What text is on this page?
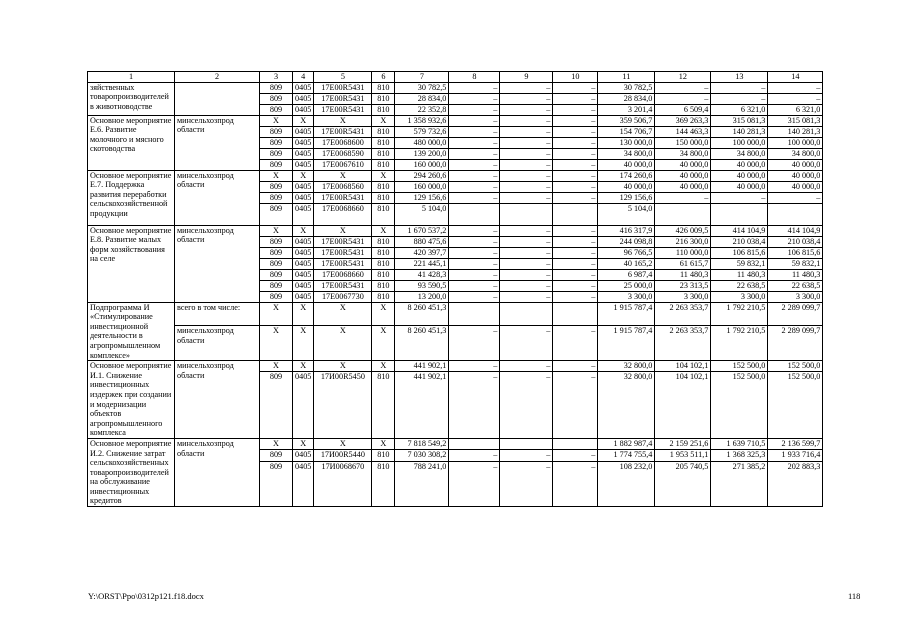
1	2	3	4	5	6	7	8	9	10	11	12	13	14
зяйственных товаропроизводителей в животноводстве		809	0405	17Е00R5431	810	30 782,5	–	–	–	30 782,5	–	–	–
		809	0405	17Е00R5431	810	28 834,0	–	–	–	28 834,0	–	–	–
		809	0405	17Е00R5431	810	22 352,8	–	–	–	3 201,4	6 509,4	6 321,0	6 321,0
Основное мероприятие Е.6. Развитие молочного и мясного скотоводства	минсельхозпрод области	X	X	X	X	1 358 932,6	–	–	–	359 506,7	369 263,3	315 081,3	315 081,3
		809	0405	17Е00R5431	810	579 732,6	–	–	–	154 706,7	144 463,3	140 281,3	140 281,3
		809	0405	17Е0068600	810	480 000,0	–	–	–	130 000,0	150 000,0	100 000,0	100 000,0
		809	0405	17Е0068590	810	139 200,0	–	–	–	34 800,0	34 800,0	34 800,0	34 800,0
		809	0405	17Е0067610	810	160 000,0	–	–	–	40 000,0	40 000,0	40 000,0	40 000,0
Основное мероприятие Е.7. Поддержка развития переработки сельскохозяйственной продукции	минсельхозпрод области	X	X	X	X	294 260,6	–	–	–	174 260,6	40 000,0	40 000,0	40 000,0
		809	0405	17Е0068560	810	160 000,0	–	–	–	40 000,0	40 000,0	40 000,0	40 000,0
		809	0405	17Е00R5431	810	129 156,6	–	–	–	129 156,6	–	–	–
		809	0405	17Е0068660	810	5 104,0				5 104,0			
Основное мероприятие Е.8. Развитие малых форм хозяйствования на селе	минсельхозпрод области	X	X	X	X	1 670 537,2	–	–	–	416 317,9	426 009,5	414 104,9	414 104,9
		809	0405	17Е00R5431	810	880 475,6	–	–	–	244 098,8	216 300,0	210 038,4	210 038,4
		809	0405	17Е00R5431	810	420 397,7	–	–	–	96 766,5	110 000,0	106 815,6	106 815,6
		809	0405	17Е00R5431	810	221 445,1	–	–	–	40 165,2	61 615,7	59 832,1	59 832,1
		809	0405	17Е0068660	810	41 428,3	–	–	–	6 987,4	11 480,3	11 480,3	11 480,3
		809	0405	17Е00R5431	810	93 590,5	–	–	–	25 000,0	23 313,5	22 638,5	22 638,5
		809	0405	17Е0067730	810	13 200,0	–	–	–	3 300,0	3 300,0	3 300,0	3 300,0
Подпрограмма И «Стимулирование инвестиционной деятельности в агропромышленном комплексе»	всего в том числе:	X	X	X	X	8 260 451,3				1 915 787,4	2 263 353,7	1 792 210,5	2 289 099,7
	минсельхозпрод области	X	X	X	X	8 260 451,3	–	–	–	1 915 787,4	2 263 353,7	1 792 210,5	2 289 099,7
Основное мероприятие И.1. Снижение инвестиционных издержек при создании и модернизации объектов агропромышленного комплекса	минсельхозпрод области	X	X	X	X	441 902,1	–	–	–	32 800,0	104 102,1	152 500,0	152 500,0
		809	0405	17И00R5450	810	441 902,1	–	–	–	32 800,0	104 102,1	152 500,0	152 500,0
Основное мероприятие И.2. Снижение затрат сельскохозяйственных товаропроизводителей на обслуживание инвестиционных кредитов	минсельхозпрод области	X	X	X	X	7 818 549,2				1 882 987,4	2 159 251,6	1 639 710,5	2 136 599,7
		809	0405	17И00R5440	810	7 030 308,2	–	–	–	1 774 755,4	1 953 511,1	1 368 325,3	1 933 716,4
		809	0405	17И0068670	810	788 241,0	–	–	–	108 232,0	205 740,5	271 385,2	202 883,3
Y:\ORST\Ppo\0312p121.f18.docx	118
